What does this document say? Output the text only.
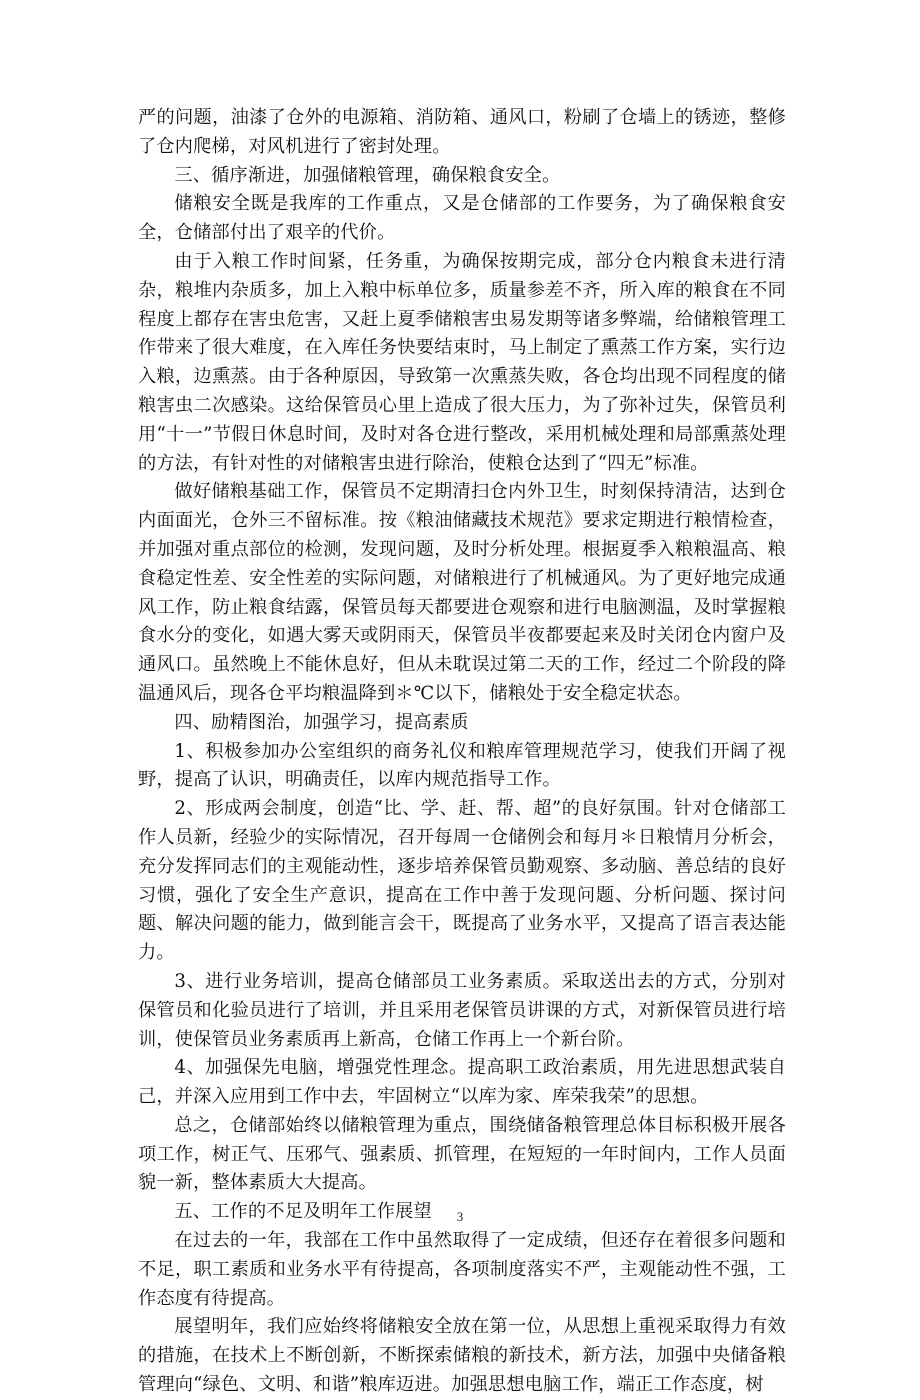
严的问题，油漆了仓外的电源箱、消防箱、通风口，粉刷了仓墙上的锈迹，整修了仓内爬梯，对风机进行了密封处理。

三、循序渐进，加强储粮管理，确保粮食安全。

储粮安全既是我库的工作重点，又是仓储部的工作要务，为了确保粮食安全，仓储部付出了艰辛的代价。

由于入粮工作时间紧，任务重，为确保按期完成，部分仓内粮食未进行清杂，粮堆内杂质多，加上入粮中标单位多，质量参差不齐，所入库的粮食在不同程度上都存在害虫危害，又赶上夏季储粮害虫易发期等诸多弊端，给储粮管理工作带来了很大难度，在入库任务快要结束时，马上制定了熏蒸工作方案，实行边入粮，边熏蒸。由于各种原因，导致第一次熏蒸失败，各仓均出现不同程度的储粮害虫二次感染。这给保管员心里上造成了很大压力，为了弥补过失，保管员利用“十一”节假日休息时间，及时对各仓进行整改，采用机械处理和局部熏蒸处理的方法，有针对性的对储粮害虫进行除治，使粮仓达到了“四无”标准。

做好储粮基础工作，保管员不定期清扫仓内外卫生，时刻保持清洁，达到仓内面面光，仓外三不留标准。按《粮油储藏技术规范》要求定期进行粮情检查，并加强对重点部位的检测，发现问题，及时分析处理。根据夏季入粮粮温高、粮食稳定性差、安全性差的实际问题，对储粮进行了机械通风。为了更好地完成通风工作，防止粮食结露，保管员每天都要进仓观察和进行电脑测温，及时掌握粮食水分的变化，如遇大雾天或阴雨天，保管员半夜都要起来及时关闭仓内窗户及通风口。虽然晚上不能休息好，但从未耽误过第二天的工作，经过二个阶段的降温通风后，现各仓平均粮温降到＊℃以下，储粮处于安全稳定状态。

四、励精图治，加强学习，提高素质

1、积极参加办公室组织的商务礼仪和粮库管理规范学习，使我们开阔了视野，提高了认识，明确责任，以库内规范指导工作。

2、形成两会制度，创造“比、学、赶、帮、超”的良好氛围。针对仓储部工作人员新，经验少的实际情况，召开每周一仓储例会和每月＊日粮情月分析会，充分发挥同志们的主观能动性，逐步培养保管员勤观察、多动脑、善总结的良好习惯，强化了安全生产意识，提高在工作中善于发现问题、分析问题、探讨问题、解决问题的能力，做到能言会干，既提高了业务水平，又提高了语言表达能力。

3、进行业务培训，提高仓储部员工业务素质。采取送出去的方式，分别对保管员和化验员进行了培训，并且采用老保管员讲课的方式，对新保管员进行培训，使保管员业务素质再上新高，仓储工作再上一个新台阶。

4、加强保先电脑，增强党性理念。提高职工政治素质，用先进思想武装自己，并深入应用到工作中去，牢固树立“以库为家、库荣我荣”的思想。

总之，仓储部始终以储粮管理为重点，围绕储备粮管理总体目标积极开展各项工作，树正气、压邪气、强素质、抓管理，在短短的一年时间内，工作人员面貌一新，整体素质大大提高。

五、工作的不足及明年工作展望

在过去的一年，我部在工作中虽然取得了一定成绩，但还存在着很多问题和不足，职工素质和业务水平有待提高，各项制度落实不严，主观能动性不强，工作态度有待提高。

展望明年，我们应始终将储粮安全放在第一位，从思想上重视采取得力有效的措施，在技术上不断创新，不断探索储粮的新技术，新方法，加强中央储备粮管理向“绿色、文明、和谐”粮库迈进。加强思想电脑工作，端正工作态度，树

3
